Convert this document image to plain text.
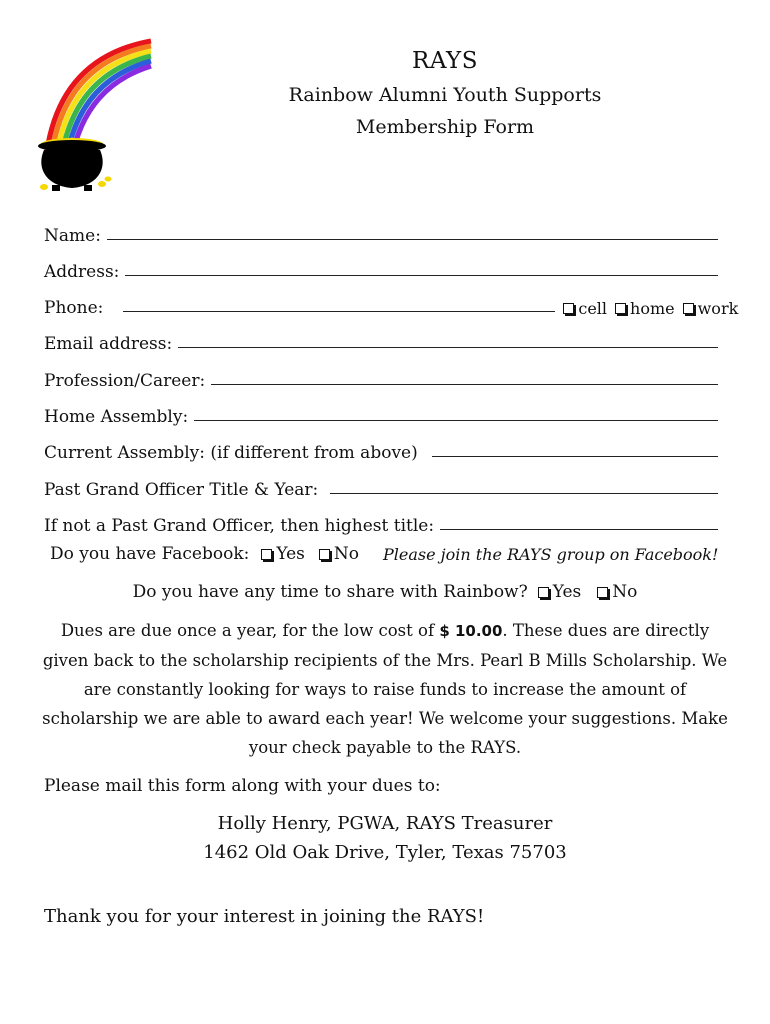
RAYS
Rainbow Alumni Youth Supports
Membership Form
Name:
Address:
Phone:	cell home work
Email address:
Profession/Career:
Home Assembly:
Current Assembly: (if different from above)
Past Grand Officer Title & Year:
If not a Past Grand Officer, then highest title:
Do you have Facebook: Yes No Please join the RAYS group on Facebook!
Do you have any time to share with Rainbow? Yes No
Dues are due once a year, for the low cost of $ 10.00. These dues are directly given back to the scholarship recipients of the Mrs. Pearl B Mills Scholarship. We are constantly looking for ways to raise funds to increase the amount of scholarship we are able to award each year! We welcome your suggestions. Make your check payable to the RAYS.
Please mail this form along with your dues to:
Holly Henry, PGWA, RAYS Treasurer
1462 Old Oak Drive, Tyler, Texas 75703
Thank you for your interest in joining the RAYS!
